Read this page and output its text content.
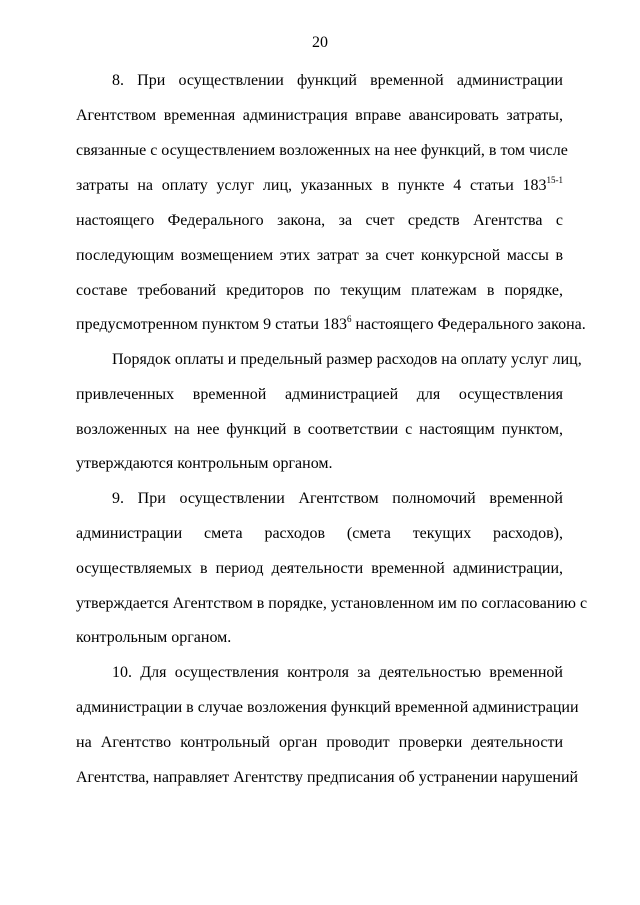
20
8. При осуществлении функций временной администрации
Агентством временная администрация вправе авансировать затраты,
связанные с осуществлением возложенных на нее функций, в том числе
затраты на оплату услуг лиц, указанных в пункте 4 статьи 183$^{15-1}$
настоящего Федерального закона, за счет средств Агентства с
последующим возмещением этих затрат за счет конкурсной массы в
составе требований кредиторов по текущим платежам в порядке,
предусмотренном пунктом 9 статьи $183^6$ настоящего Федерального закона.
Порядок оплаты и предельный размер расходов на оплату услуг лиц,
привлеченных временной администрацией для осуществления
возложенных на нее функций в соответствии с настоящим пунктом,
утверждаются контрольным органом.
9. При осуществлении Агентством полномочий временной
администрации смета расходов (смета текущих расходов),
осуществляемых в период деятельности временной администрации,
утверждается Агентством в порядке, установленном им по согласованию с
контрольным органом.
10. Для осуществления контроля за деятельностью временной
администрации в случае возложения функций временной администрации
на Агентство контрольный орган проводит проверки деятельности
Агентства, направляет Агентству предписания об устранении нарушений
